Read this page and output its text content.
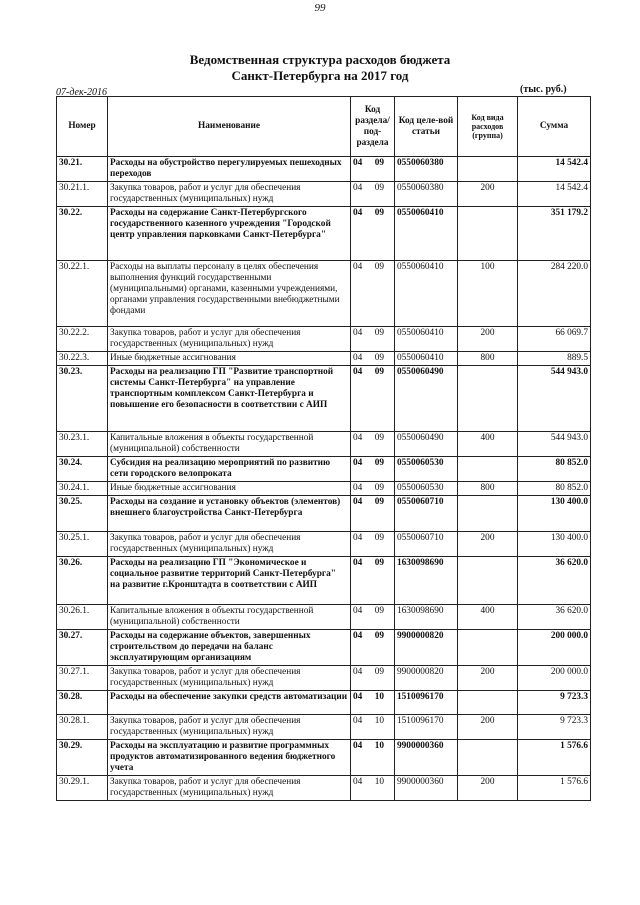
99
Ведомственная структура расходов бюджета
Санкт-Петербурга на 2017 год
07-дек-2016	(тыс. руб.)
Номер	Наименование	Код раздела/ под-раздела	Код целе-вой статьи	Код вида расходов (группа)	Сумма
30.21.	Расходы на обустройство перегулируемых пешеходных переходов	04 09	0550060380		14 542.4
30.21.1.	Закупка товаров, работ и услуг для обеспечения государственных (муниципальных) нужд	04 09	0550060380	200	14 542.4
30.22.	Расходы на содержание Санкт-Петербургского государственного казенного учреждения "Городской центр управления парковками Санкт-Петербурга"	04 09	0550060410		351 179.2
30.22.1.	Расходы на выплаты персоналу в целях обеспечения выполнения функций государственными (муниципальными) органами, казенными учреждениями, органами управления государственными внебюджетными фондами	04 09	0550060410	100	284 220.0
30.22.2.	Закупка товаров, работ и услуг для обеспечения государственных (муниципальных) нужд	04 09	0550060410	200	66 069.7
30.22.3.	Иные бюджетные ассигнования	04 09	0550060410	800	889.5
30.23.	Расходы на реализацию ГП "Развитие транспортной системы Санкт-Петербурга" на управление транспортным комплексом Санкт-Петербурга и повышение его безопасности в соответствии с АИП	04 09	0550060490		544 943.0
30.23.1.	Капитальные вложения в объекты государственной (муниципальной) собственности	04 09	0550060490	400	544 943.0
30.24.	Субсидия на реализацию мероприятий по развитию сети городского велопроката	04 09	0550060530		80 852.0
30.24.1.	Иные бюджетные ассигнования	04 09	0550060530	800	80 852.0
30.25.	Расходы на создание и установку объектов (элементов) внешнего благоустройства Санкт-Петербурга	04 09	0550060710		130 400.0
30.25.1.	Закупка товаров, работ и услуг для обеспечения государственных (муниципальных) нужд	04 09	0550060710	200	130 400.0
30.26.	Расходы на реализацию ГП "Экономическое и социальное развитие территорий Санкт-Петербурга" на развитие г.Кронштадта в соответствии с АИП	04 09	1630098690		36 620.0
30.26.1.	Капитальные вложения в объекты государственной (муниципальной) собственности	04 09	1630098690	400	36 620.0
30.27.	Расходы на содержание объектов, завершенных строительством до передачи на баланс эксплуатирующим организациям	04 09	9900000820		200 000.0
30.27.1.	Закупка товаров, работ и услуг для обеспечения государственных (муниципальных) нужд	04 09	9900000820	200	200 000.0
30.28.	Расходы на обеспечение закупки средств автоматизации	04 10	1510096170		9 723.3
30.28.1.	Закупка товаров, работ и услуг для обеспечения государственных (муниципальных) нужд	04 10	1510096170	200	9 723.3
30.29.	Расходы на эксплуатацию и развитие программных продуктов автоматизированного ведения бюджетного учета	04 10	9900000360		1 576.6
30.29.1.	Закупка товаров, работ и услуг для обеспечения государственных (муниципальных) нужд	04 10	9900000360	200	1 576.6
